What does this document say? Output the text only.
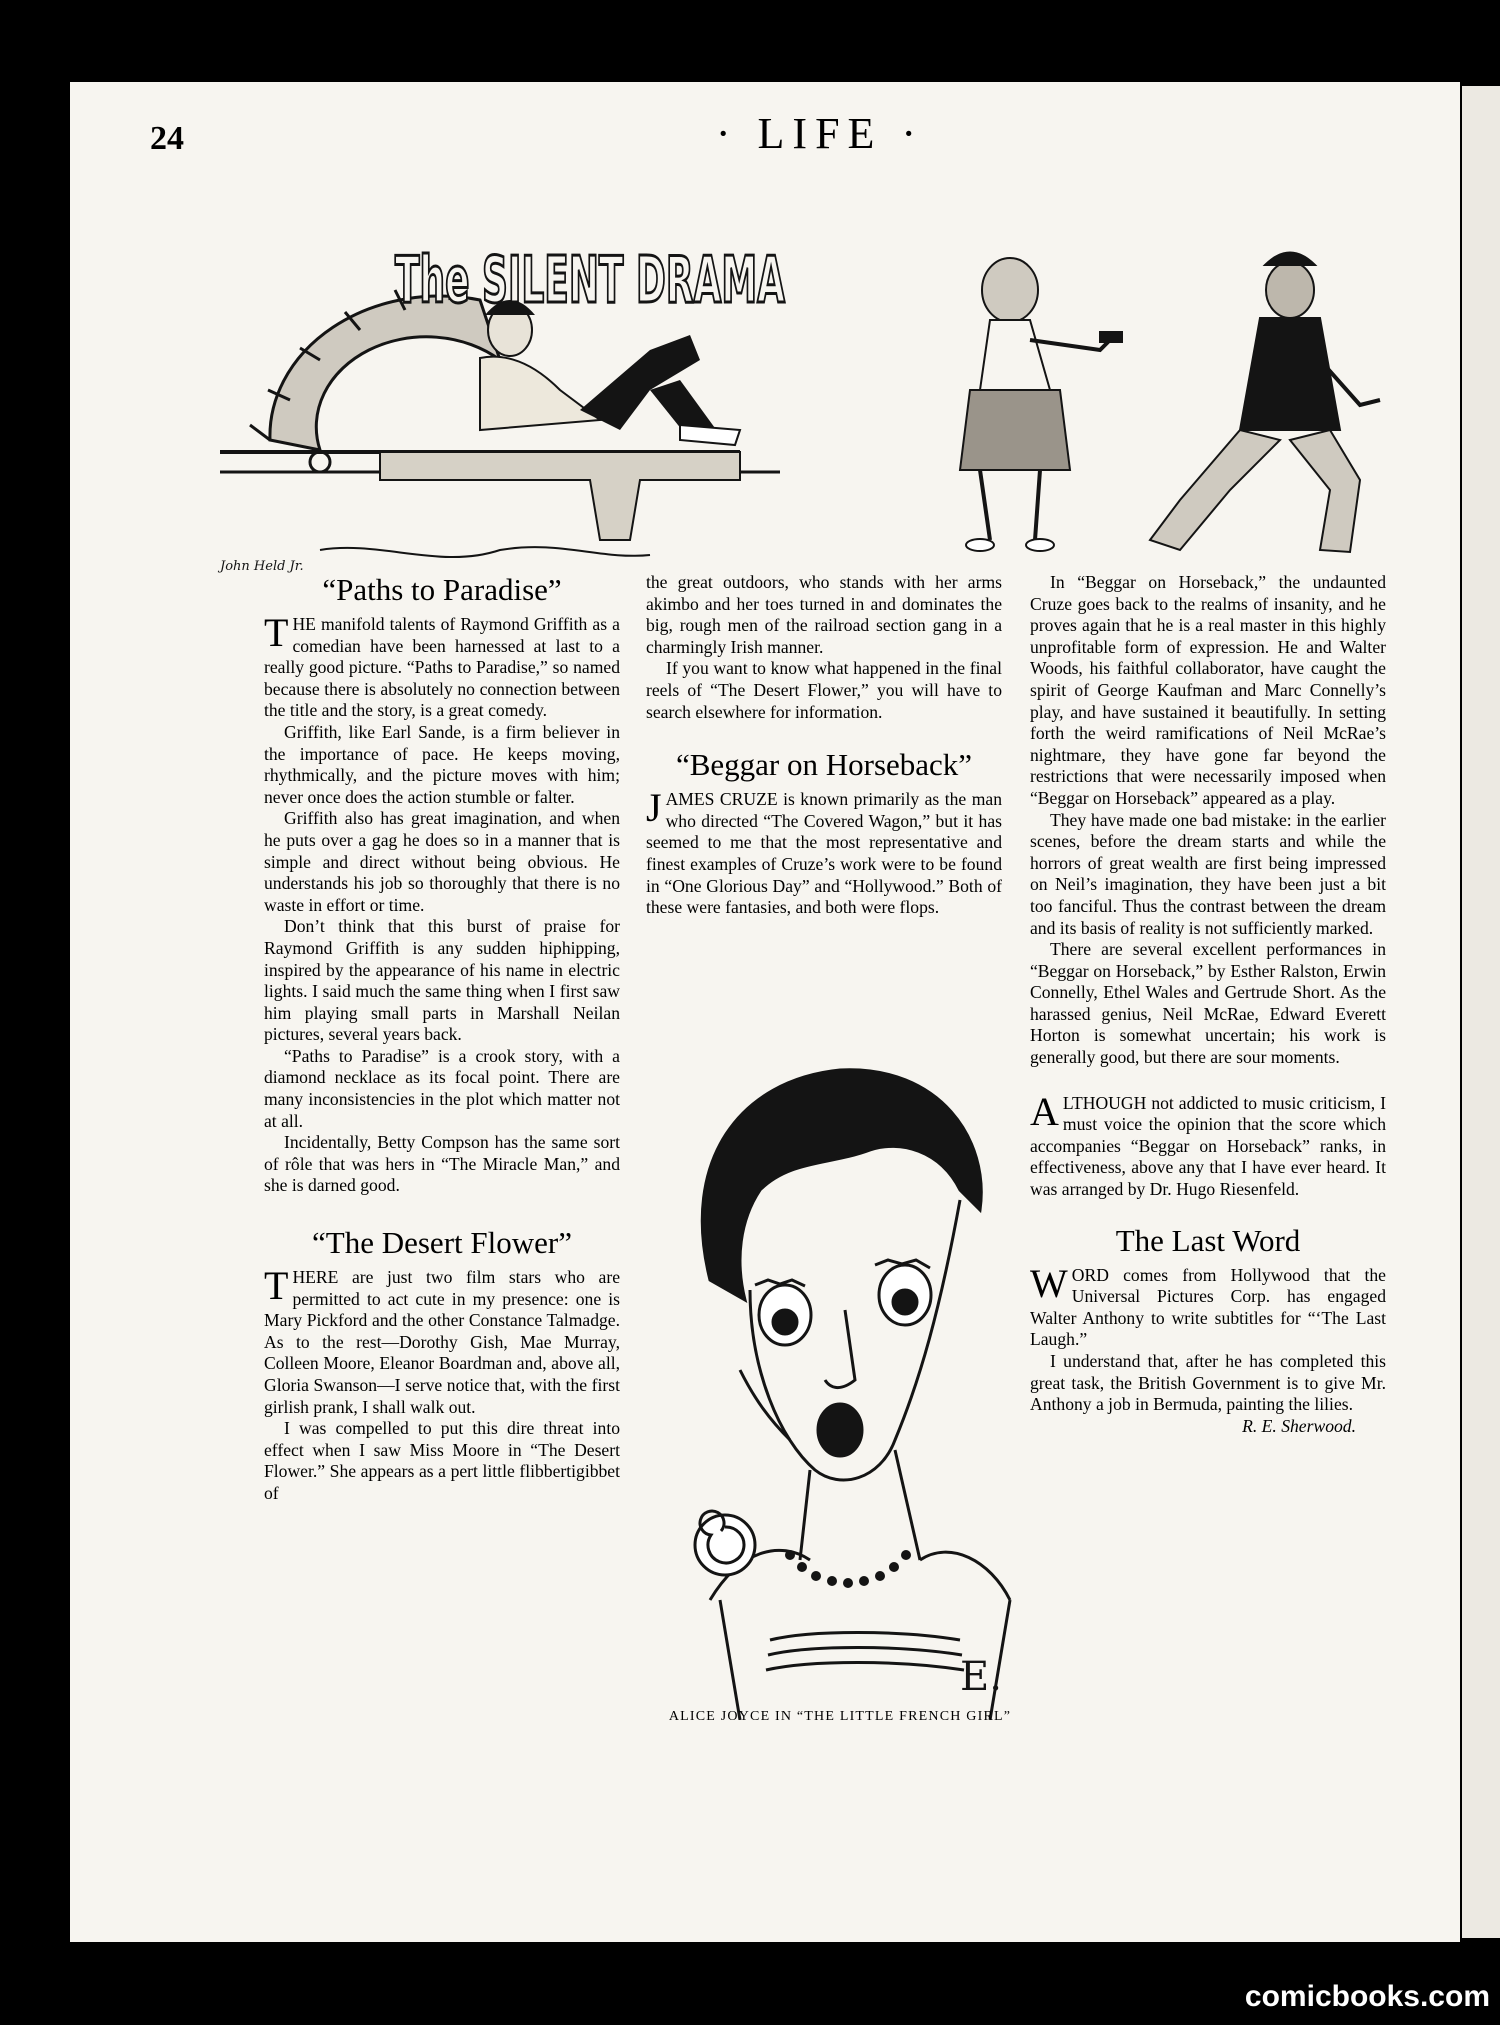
24	· LIFE ·
The SILENT DRAMA
John Held Jr.
“Paths to Paradise”

THE manifold talents of Raymond Griffith as a comedian have been harnessed at last to a really good picture. “Paths to Paradise,” so named because there is absolutely no connection between the title and the story, is a great comedy.

Griffith, like Earl Sande, is a firm believer in the importance of pace. He keeps moving, rhythmically, and the picture moves with him; never once does the action stumble or falter.

Griffith also has great imagination, and when he puts over a gag he does so in a manner that is simple and direct without being obvious. He understands his job so thoroughly that there is no waste in effort or time.

Don’t think that this burst of praise for Raymond Griffith is any sudden hiphipping, inspired by the appearance of his name in electric lights. I said much the same thing when I first saw him playing small parts in Marshall Neilan pictures, several years back.

“Paths to Paradise” is a crook story, with a diamond necklace as its focal point. There are many inconsistencies in the plot which matter not at all.

Incidentally, Betty Compson has the same sort of rôle that was hers in “The Miracle Man,” and she is darned good.

“The Desert Flower”

THERE are just two film stars who are permitted to act cute in my presence: one is Mary Pickford and the other Constance Talmadge. As to the rest—Dorothy Gish, Mae Murray, Colleen Moore, Eleanor Boardman and, above all, Gloria Swanson—I serve notice that, with the first girlish prank, I shall walk out.

I was compelled to put this dire threat into effect when I saw Miss Moore in “The Desert Flower.” She appears as a pert little flibbertigibbet of

the great outdoors, who stands with her arms akimbo and her toes turned in and dominates the big, rough men of the railroad section gang in a charmingly Irish manner.

If you want to know what happened in the final reels of “The Desert Flower,” you will have to search elsewhere for information.

“Beggar on Horseback”

JAMES CRUZE is known primarily as the man who directed “The Covered Wagon,” but it has seemed to me that the most representative and finest examples of Cruze’s work were to be found in “One Glorious Day” and “Hollywood.” Both of these were fantasies, and both were flops.

E.
ALICE JOYCE IN “THE LITTLE FRENCH GIRL”

In “Beggar on Horseback,” the undaunted Cruze goes back to the realms of insanity, and he proves again that he is a real master in this highly unprofitable form of expression. He and Walter Woods, his faithful collaborator, have caught the spirit of George Kaufman and Marc Connelly’s play, and have sustained it beautifully. In setting forth the weird ramifications of Neil McRae’s nightmare, they have gone far beyond the restrictions that were necessarily imposed when “Beggar on Horseback” appeared as a play.

They have made one bad mistake: in the earlier scenes, before the dream starts and while the horrors of great wealth are first being impressed on Neil’s imagination, they have been just a bit too fanciful. Thus the contrast between the dream and its basis of reality is not sufficiently marked.

There are several excellent performances in “Beggar on Horseback,” by Esther Ralston, Erwin Connelly, Ethel Wales and Gertrude Short. As the harassed genius, Neil McRae, Edward Everett Horton is somewhat uncertain; his work is generally good, but there are sour moments.

ALTHOUGH not addicted to music criticism, I must voice the opinion that the score which accompanies “Beggar on Horseback” ranks, in effectiveness, above any that I have ever heard. It was arranged by Dr. Hugo Riesenfeld.

The Last Word

WORD comes from Hollywood that the Universal Pictures Corp. has engaged Walter Anthony to write subtitles for “‘The Last Laugh.”

I understand that, after he has completed this great task, the British Government is to give Mr. Anthony a job in Bermuda, painting the lilies.

R. E. Sherwood.

comicbooks.com
